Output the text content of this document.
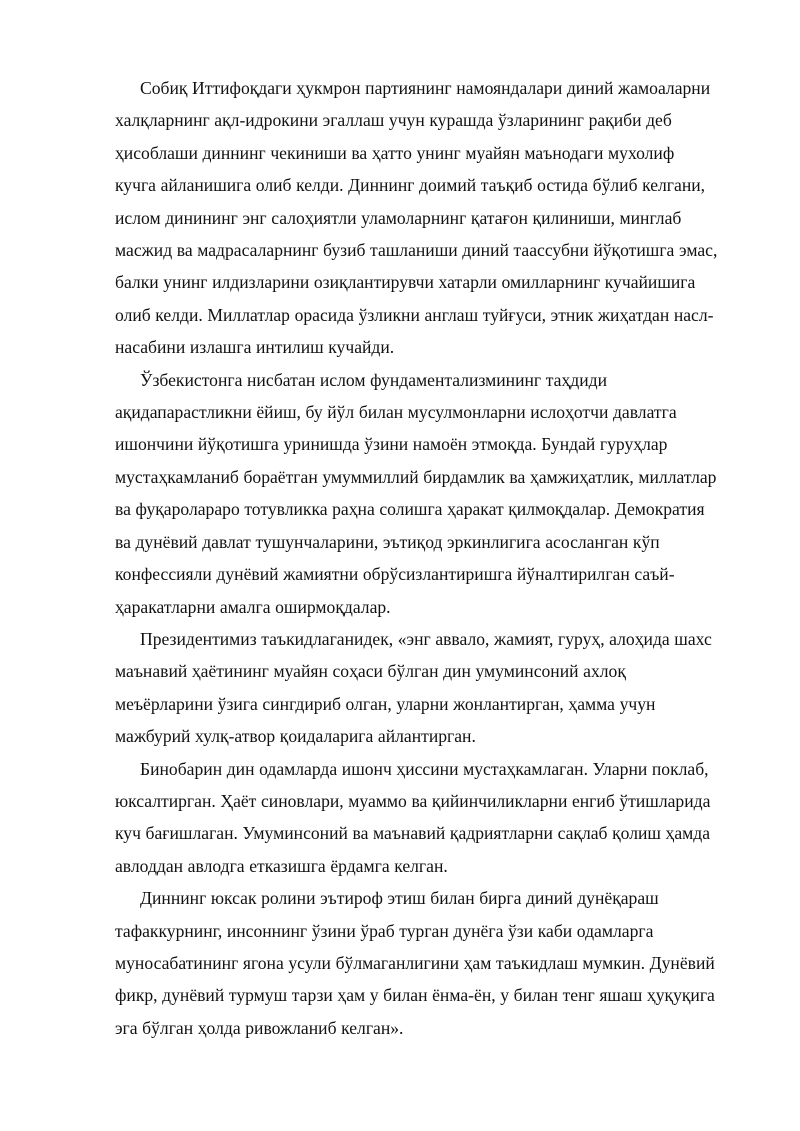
Собиқ Иттифоқдаги ҳукмрон партиянинг намояндалари диний жамоаларни халқларнинг ақл-идрокини эгаллаш учун курашда ўзларининг рақиби деб ҳисоблаши диннинг чекиниши ва ҳатто унинг муайян маънодаги мухолиф кучга айланишига олиб келди. Диннинг доимий таъқиб остида бўлиб келгани, ислом динининг энг салоҳиятли уламоларнинг қатағон қилиниши, минглаб масжид ва мадрасаларнинг бузиб ташланиши диний таассубни йўқотишга эмас, балки унинг илдизларини озиқлантирувчи хатарли омилларнинг кучайишига олиб келди. Миллатлар орасида ўзликни англаш туйғуси, этник жиҳатдан насл-насабини излашга интилиш кучайди.

Ўзбекистонга нисбатан ислом фундаментализмининг таҳдиди ақидапарастликни ёйиш, бу йўл билан мусулмонларни ислоҳотчи давлатга ишончини йўқотишга уринишда ўзини намоён этмоқда. Бундай гуруҳлар мустаҳкамланиб бораётган умуммиллий бирдамлик ва ҳамжиҳатлик, миллатлар ва фуқаролараро тотувликка раҳна солишга ҳаракат қилмоқдалар. Демократия ва дунёвий давлат тушунчаларини, эътиқод эркинлигига асосланган кўп конфессияли дунёвий жамиятни обрўсизлантиришга йўналтирилган саъй-ҳаракатларни амалга оширмоқдалар.

Президентимиз таъкидлаганидек, «энг аввало, жамият, гуруҳ, алоҳида шахс маънавий ҳаётининг муайян соҳаси бўлган дин умуминсоний ахлоқ меъёрларини ўзига сингдириб олган, уларни жонлантирган, ҳамма учун мажбурий хулқ-атвор қоидаларига айлантирган.

Бинобарин дин одамларда ишонч ҳиссини мустаҳкамлаган. Уларни поклаб, юксалтирган. Ҳаёт синовлари, муаммо ва қийинчиликларни енгиб ўтишларида куч бағишлаган. Умуминсоний ва маънавий қадриятларни сақлаб қолиш ҳамда авлоддан авлодга етказишга ёрдамга келган.

Диннинг юксак ролини эътироф этиш билан бирга диний дунёқараш тафаккурнинг, инсоннинг ўзини ўраб турган дунёга ўзи каби одамларга муносабатининг ягона усули бўлмаганлигини ҳам таъкидлаш мумкин. Дунёвий фикр, дунёвий турмуш тарзи ҳам у билан ёнма-ён, у билан тенг яшаш ҳуқуқига эга бўлган ҳолда ривожланиб келган».
